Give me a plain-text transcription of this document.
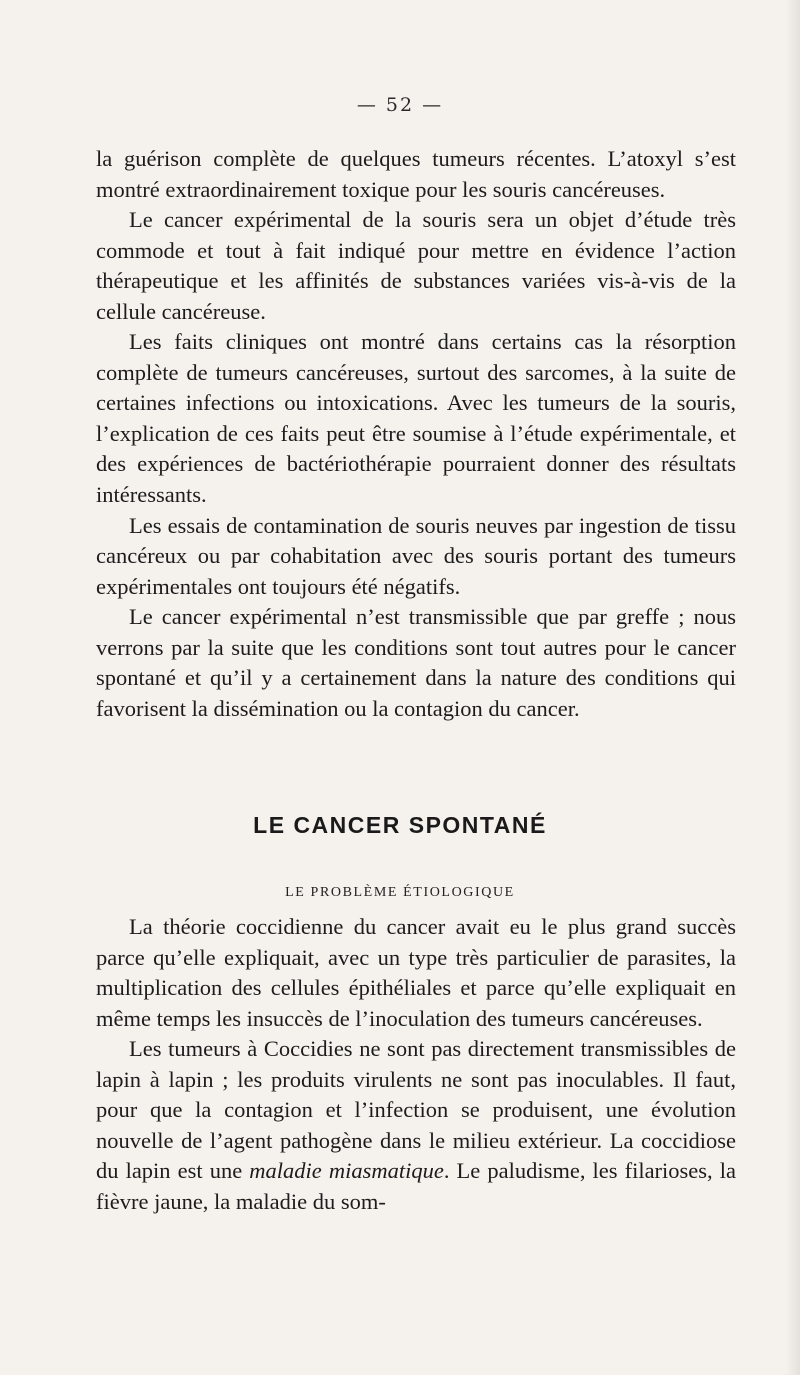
— 52 —

la guérison complète de quelques tumeurs récentes. L’atoxyl s’est montré extraordinairement toxique pour les souris cancéreuses.

Le cancer expérimental de la souris sera un objet d’étude très commode et tout à fait indiqué pour mettre en évidence l’action thérapeutique et les affinités de substances variées vis-à-vis de la cellule cancéreuse.

Les faits cliniques ont montré dans certains cas la résorption complète de tumeurs cancéreuses, surtout des sarcomes, à la suite de certaines infections ou intoxications. Avec les tumeurs de la souris, l’explication de ces faits peut être soumise à l’étude expérimentale, et des expériences de bactériothérapie pourraient donner des résultats intéressants.

Les essais de contamination de souris neuves par ingestion de tissu cancéreux ou par cohabitation avec des souris portant des tumeurs expérimentales ont toujours été négatifs.

Le cancer expérimental n’est transmissible que par greffe ; nous verrons par la suite que les conditions sont tout autres pour le cancer spontané et qu’il y a certainement dans la nature des conditions qui favorisent la dissémination ou la contagion du cancer.

LE CANCER SPONTANÉ
LE PROBLÈME ÉTIOLOGIQUE

La théorie coccidienne du cancer avait eu le plus grand succès parce qu’elle expliquait, avec un type très particulier de parasites, la multiplication des cellules épithéliales et parce qu’elle expliquait en même temps les insuccès de l’inoculation des tumeurs cancéreuses.

Les tumeurs à Coccidies ne sont pas directement transmissibles de lapin à lapin ; les produits virulents ne sont pas inoculables. Il faut, pour que la contagion et l’infection se produisent, une évolution nouvelle de l’agent pathogène dans le milieu extérieur. La coccidiose du lapin est une maladie miasmatique. Le paludisme, les filarioses, la fièvre jaune, la maladie du som-
